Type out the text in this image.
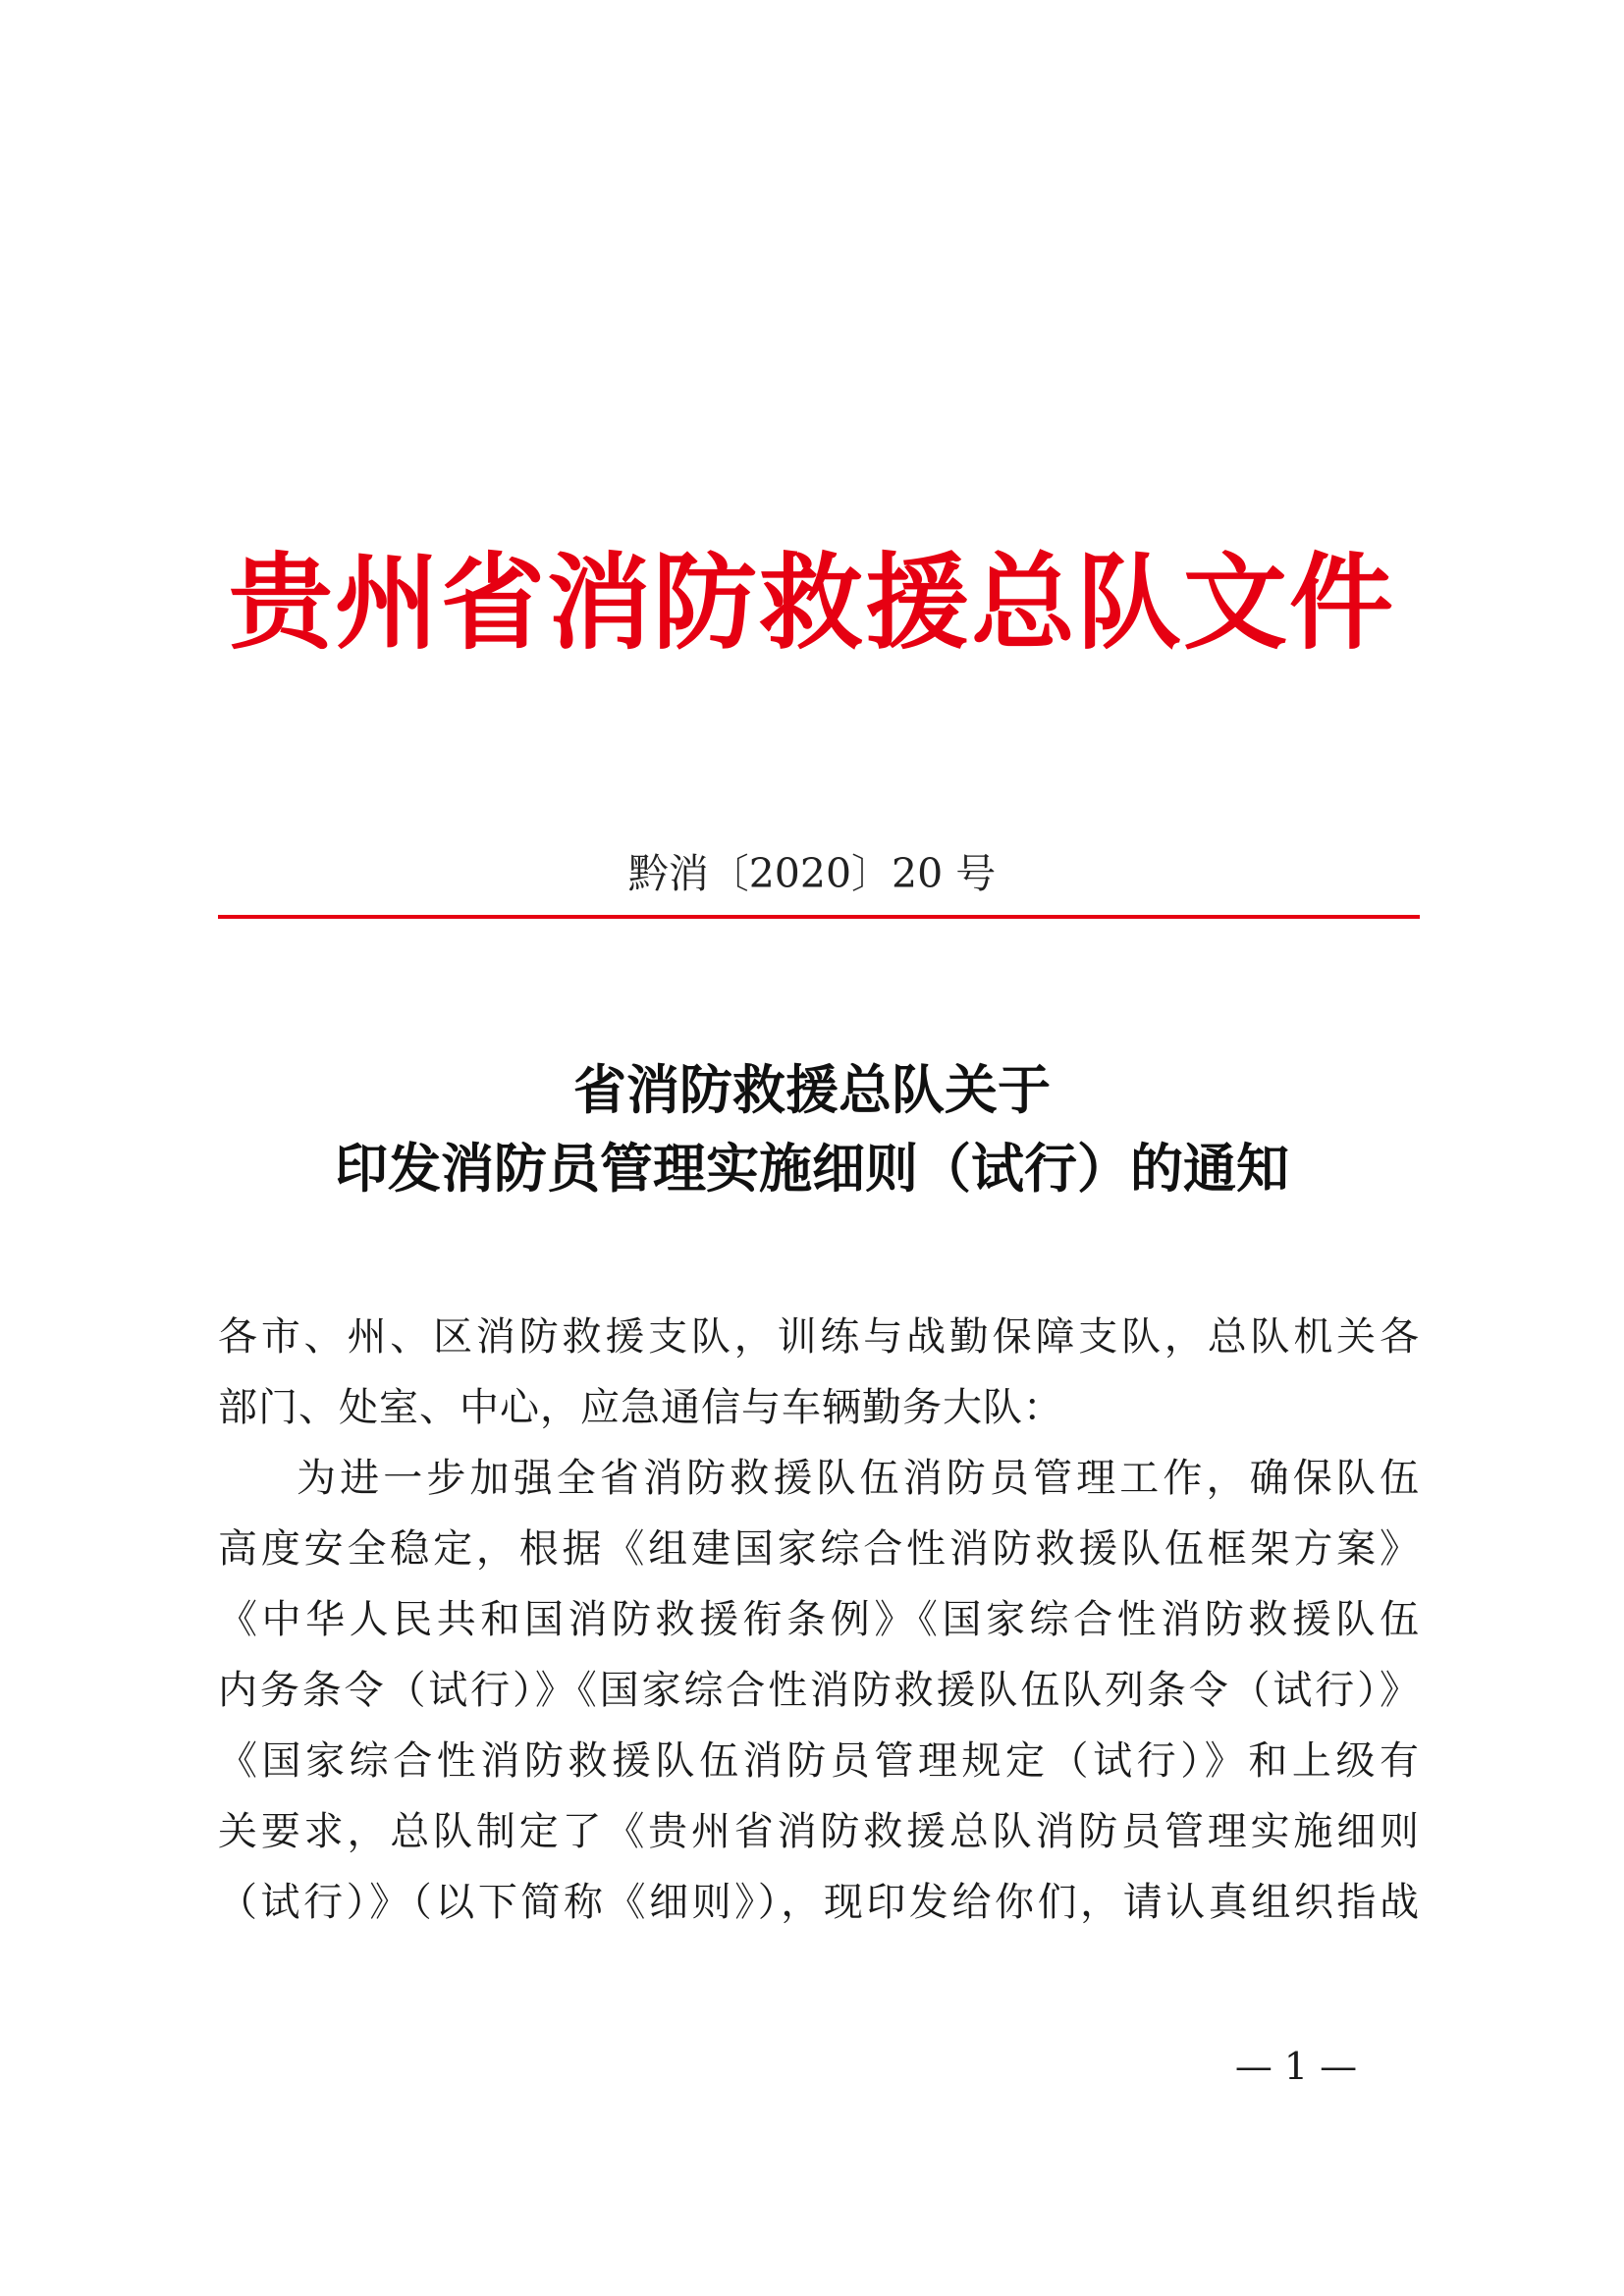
贵州省消防救援总队文件
黔消〔2020〕20 号
省消防救援总队关于
印发消防员管理实施细则（试行）的通知
各市、州、区消防救援支队，训练与战勤保障支队，总队机关各
部门、处室、中心，应急通信与车辆勤务大队：
为进一步加强全省消防救援队伍消防员管理工作，确保队伍
高度安全稳定，根据《组建国家综合性消防救援队伍框架方案》
《中华人民共和国消防救援衔条例》《国家综合性消防救援队伍
内务条令（试行）》《国家综合性消防救援队伍队列条令（试行）》
《国家综合性消防救援队伍消防员管理规定（试行）》和上级有
关要求，总队制定了《贵州省消防救援总队消防员管理实施细则
（试行）》（以下简称《细则》），现印发给你们，请认真组织指战
— 1 —
